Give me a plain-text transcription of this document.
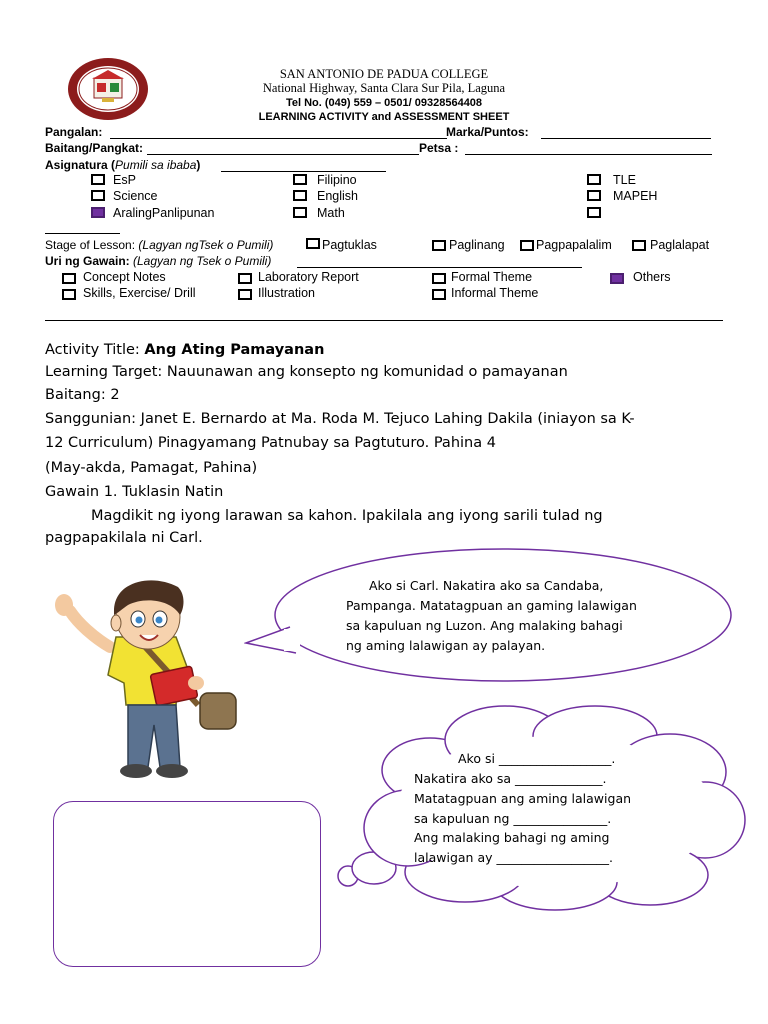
SAN ANTONIO DE PADUA COLLEGE
National Highway, Santa Clara Sur Pila, Laguna
Tel No. (049) 559 – 0501/ 09328564408
LEARNING ACTIVITY and ASSESSMENT SHEET
Pangalan:	Marka/Puntos:
Baitang/Pangkat:	Petsa :
Asignatura (Pumili sa ibaba)
EsP	Filipino	TLE
Science	English	MAPEH
AralingPanlipunan	Math
Stage of Lesson: (Lagyan ngTsek o Pumili)	Pagtuklas	Paglinang	Pagpapalalim	Paglalapat
Uri ng Gawain: (Lagyan ng Tsek o Pumili)
Concept Notes	Laboratory Report	Formal Theme	Others
Skills, Exercise/ Drill	Illustration	Informal Theme
Activity Title: Ang Ating Pamayanan
Learning Target: Nauunawan ang konsepto ng komunidad o pamayanan
Baitang: 2
Sanggunian: Janet E. Bernardo at Ma. Roda M. Tejuco Lahing Dakila (iniayon sa K-
12 Curriculum) Pinagyamang Patnubay sa Pagtuturo. Pahina 4
(May-akda, Pamagat, Pahina)
Gawain 1. Tuklasin Natin
Magdikit ng iyong larawan sa kahon. Ipakilala ang iyong sarili tulad ng
pagpapakilala ni Carl.
Ako si Carl. Nakatira ako sa Candaba,
Pampanga. Matatagpuan an gaming lalawigan
sa kapuluan ng Luzon. Ang malaking bahagi
ng aming lalawigan ay palayan.
Ako si __________________.
Nakatira ako sa ______________.
Matatagpuan ang aming lalawigan
sa kapuluan ng _______________.
Ang malaking bahagi ng aming
lalawigan ay __________________.
